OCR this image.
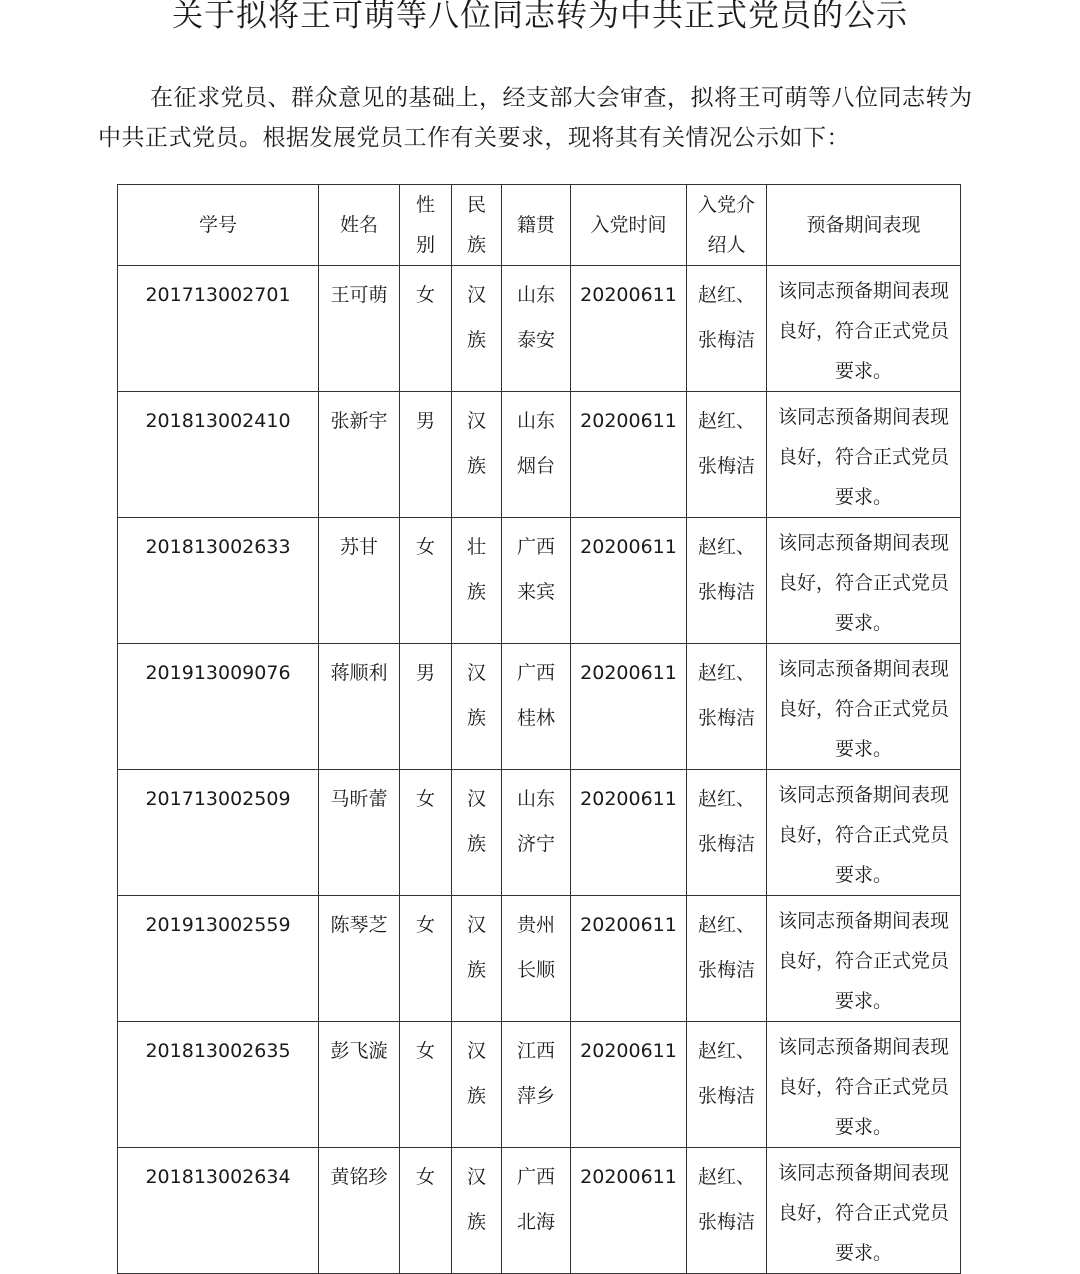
关于拟将王可萌等八位同志转为中共正式党员的公示

在征求党员、群众意见的基础上，经支部大会审查，拟将王可萌等八位同志转为中共正式党员。根据发展党员工作有关要求，现将其有关情况公示如下：

学号	姓名	性别	民族	籍贯	入党时间	入党介绍人	预备期间表现
201713002701	王可萌	女	汉族	山东泰安	20200611	赵红、张梅洁	该同志预备期间表现良好，符合正式党员要求。
201813002410	张新宇	男	汉族	山东烟台	20200611	赵红、张梅洁	该同志预备期间表现良好，符合正式党员要求。
201813002633	苏甘	女	壮族	广西来宾	20200611	赵红、张梅洁	该同志预备期间表现良好，符合正式党员要求。
201913009076	蒋顺利	男	汉族	广西桂林	20200611	赵红、张梅洁	该同志预备期间表现良好，符合正式党员要求。
201713002509	马昕蕾	女	汉族	山东济宁	20200611	赵红、张梅洁	该同志预备期间表现良好，符合正式党员要求。
201913002559	陈琴芝	女	汉族	贵州长顺	20200611	赵红、张梅洁	该同志预备期间表现良好，符合正式党员要求。
201813002635	彭飞漩	女	汉族	江西萍乡	20200611	赵红、张梅洁	该同志预备期间表现良好，符合正式党员要求。
201813002634	黄铭珍	女	汉族	广西北海	20200611	赵红、张梅洁	该同志预备期间表现良好，符合正式党员要求。
